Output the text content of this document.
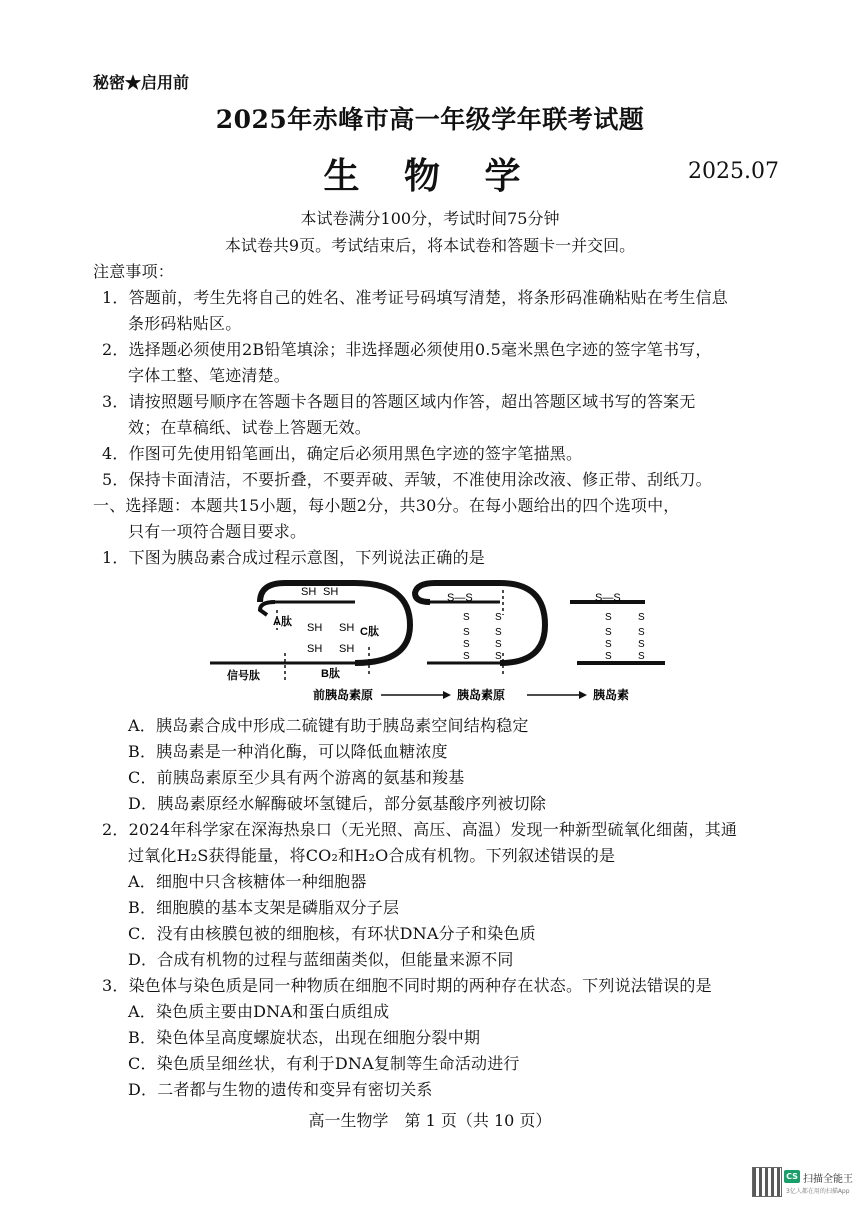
秘密★启用前
2025年赤峰市高一年级学年联考试题
生 物 学	2025.07
本试卷满分100分，考试时间75分钟
本试卷共9页。考试结束后，将本试卷和答题卡一并交回。
注意事项：
1．答题前，考生先将自己的姓名、准考证号码填写清楚，将条形码准确粘贴在考生信息
条形码粘贴区。
2．选择题必须使用2B铅笔填涂；非选择题必须使用0.5毫米黑色字迹的签字笔书写，
字体工整、笔迹清楚。
3．请按照题号顺序在答题卡各题目的答题区域内作答，超出答题区域书写的答案无
效；在草稿纸、试卷上答题无效。
4．作图可先使用铅笔画出，确定后必须用黑色字迹的签字笔描黑。
5．保持卡面清洁，不要折叠，不要弄破、弄皱，不准使用涂改液、修正带、刮纸刀。
一、选择题：本题共15小题，每小题2分，共30分。在每小题给出的四个选项中，
只有一项符合题目要求。
1．下图为胰岛素合成过程示意图，下列说法正确的是
SH SH
SH SH
SH SH
A肽
B肽
C肽
信号肽
S—S
S
S
S
S
S
S
S
S
S—S
S
S
S
S
S
S
S
S
前胰岛素原	胰岛素原	胰岛素
A．胰岛素合成中形成二硫键有助于胰岛素空间结构稳定
B．胰岛素是一种消化酶，可以降低血糖浓度
C．前胰岛素原至少具有两个游离的氨基和羧基
D．胰岛素原经水解酶破坏氢键后，部分氨基酸序列被切除
2．2024年科学家在深海热泉口（无光照、高压、高温）发现一种新型硫氧化细菌，其通
过氧化H₂S获得能量，将CO₂和H₂O合成有机物。下列叙述错误的是
A．细胞中只含核糖体一种细胞器
B．细胞膜的基本支架是磷脂双分子层
C．没有由核膜包被的细胞核，有环状DNA分子和染色质
D．合成有机物的过程与蓝细菌类似，但能量来源不同
3．染色体与染色质是同一种物质在细胞不同时期的两种存在状态。下列说法错误的是
A．染色质主要由DNA和蛋白质组成
B．染色体呈高度螺旋状态，出现在细胞分裂中期
C．染色质呈细丝状，有利于DNA复制等生命活动进行
D．二者都与生物的遗传和变异有密切关系
高一生物学　第 1 页（共 10 页）
CS 扫描全能王
3亿人都在用的扫描App
